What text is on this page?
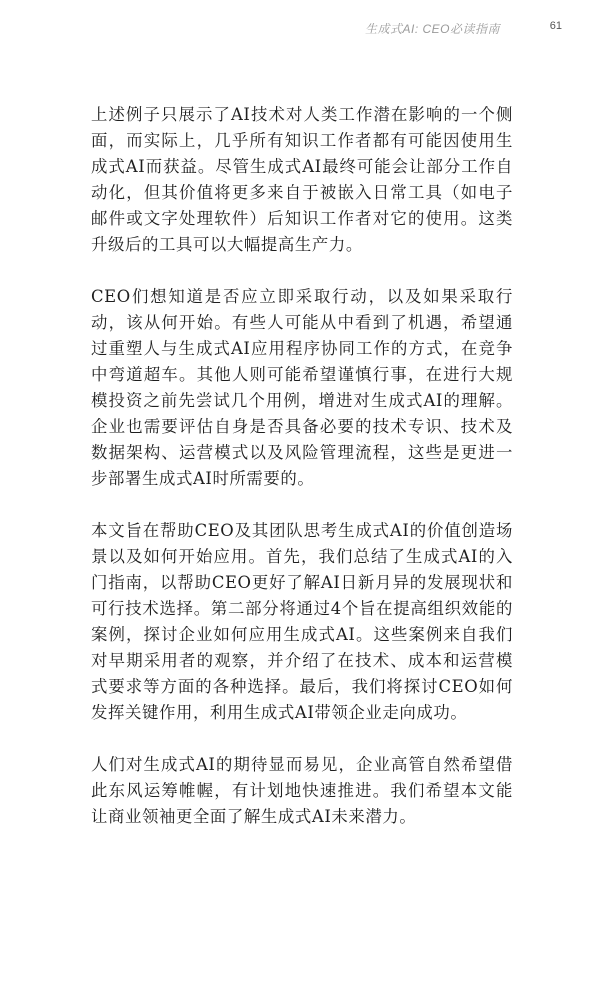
生成式AI: CEO必读指南	61

上述例子只展示了AI技术对人类工作潜在影响的一个侧面，而实际上，几乎所有知识工作者都有可能因使用生成式AI而获益。尽管生成式AI最终可能会让部分工作自动化，但其价值将更多来自于被嵌入日常工具（如电子邮件或文字处理软件）后知识工作者对它的使用。这类升级后的工具可以大幅提高生产力。

CEO们想知道是否应立即采取行动，以及如果采取行动，该从何开始。有些人可能从中看到了机遇，希望通过重塑人与生成式AI应用程序协同工作的方式，在竞争中弯道超车。其他人则可能希望谨慎行事，在进行大规模投资之前先尝试几个用例，增进对生成式AI的理解。企业也需要评估自身是否具备必要的技术专识、技术及数据架构、运营模式以及风险管理流程，这些是更进一步部署生成式AI时所需要的。

本文旨在帮助CEO及其团队思考生成式AI的价值创造场景以及如何开始应用。首先，我们总结了生成式AI的入门指南，以帮助CEO更好了解AI日新月异的发展现状和可行技术选择。第二部分将通过4个旨在提高组织效能的案例，探讨企业如何应用生成式AI。这些案例来自我们对早期采用者的观察，并介绍了在技术、成本和运营模式要求等方面的各种选择。最后，我们将探讨CEO如何发挥关键作用，利用生成式AI带领企业走向成功。

人们对生成式AI的期待显而易见，企业高管自然希望借此东风运筹帷幄，有计划地快速推进。我们希望本文能让商业领袖更全面了解生成式AI未来潜力。
